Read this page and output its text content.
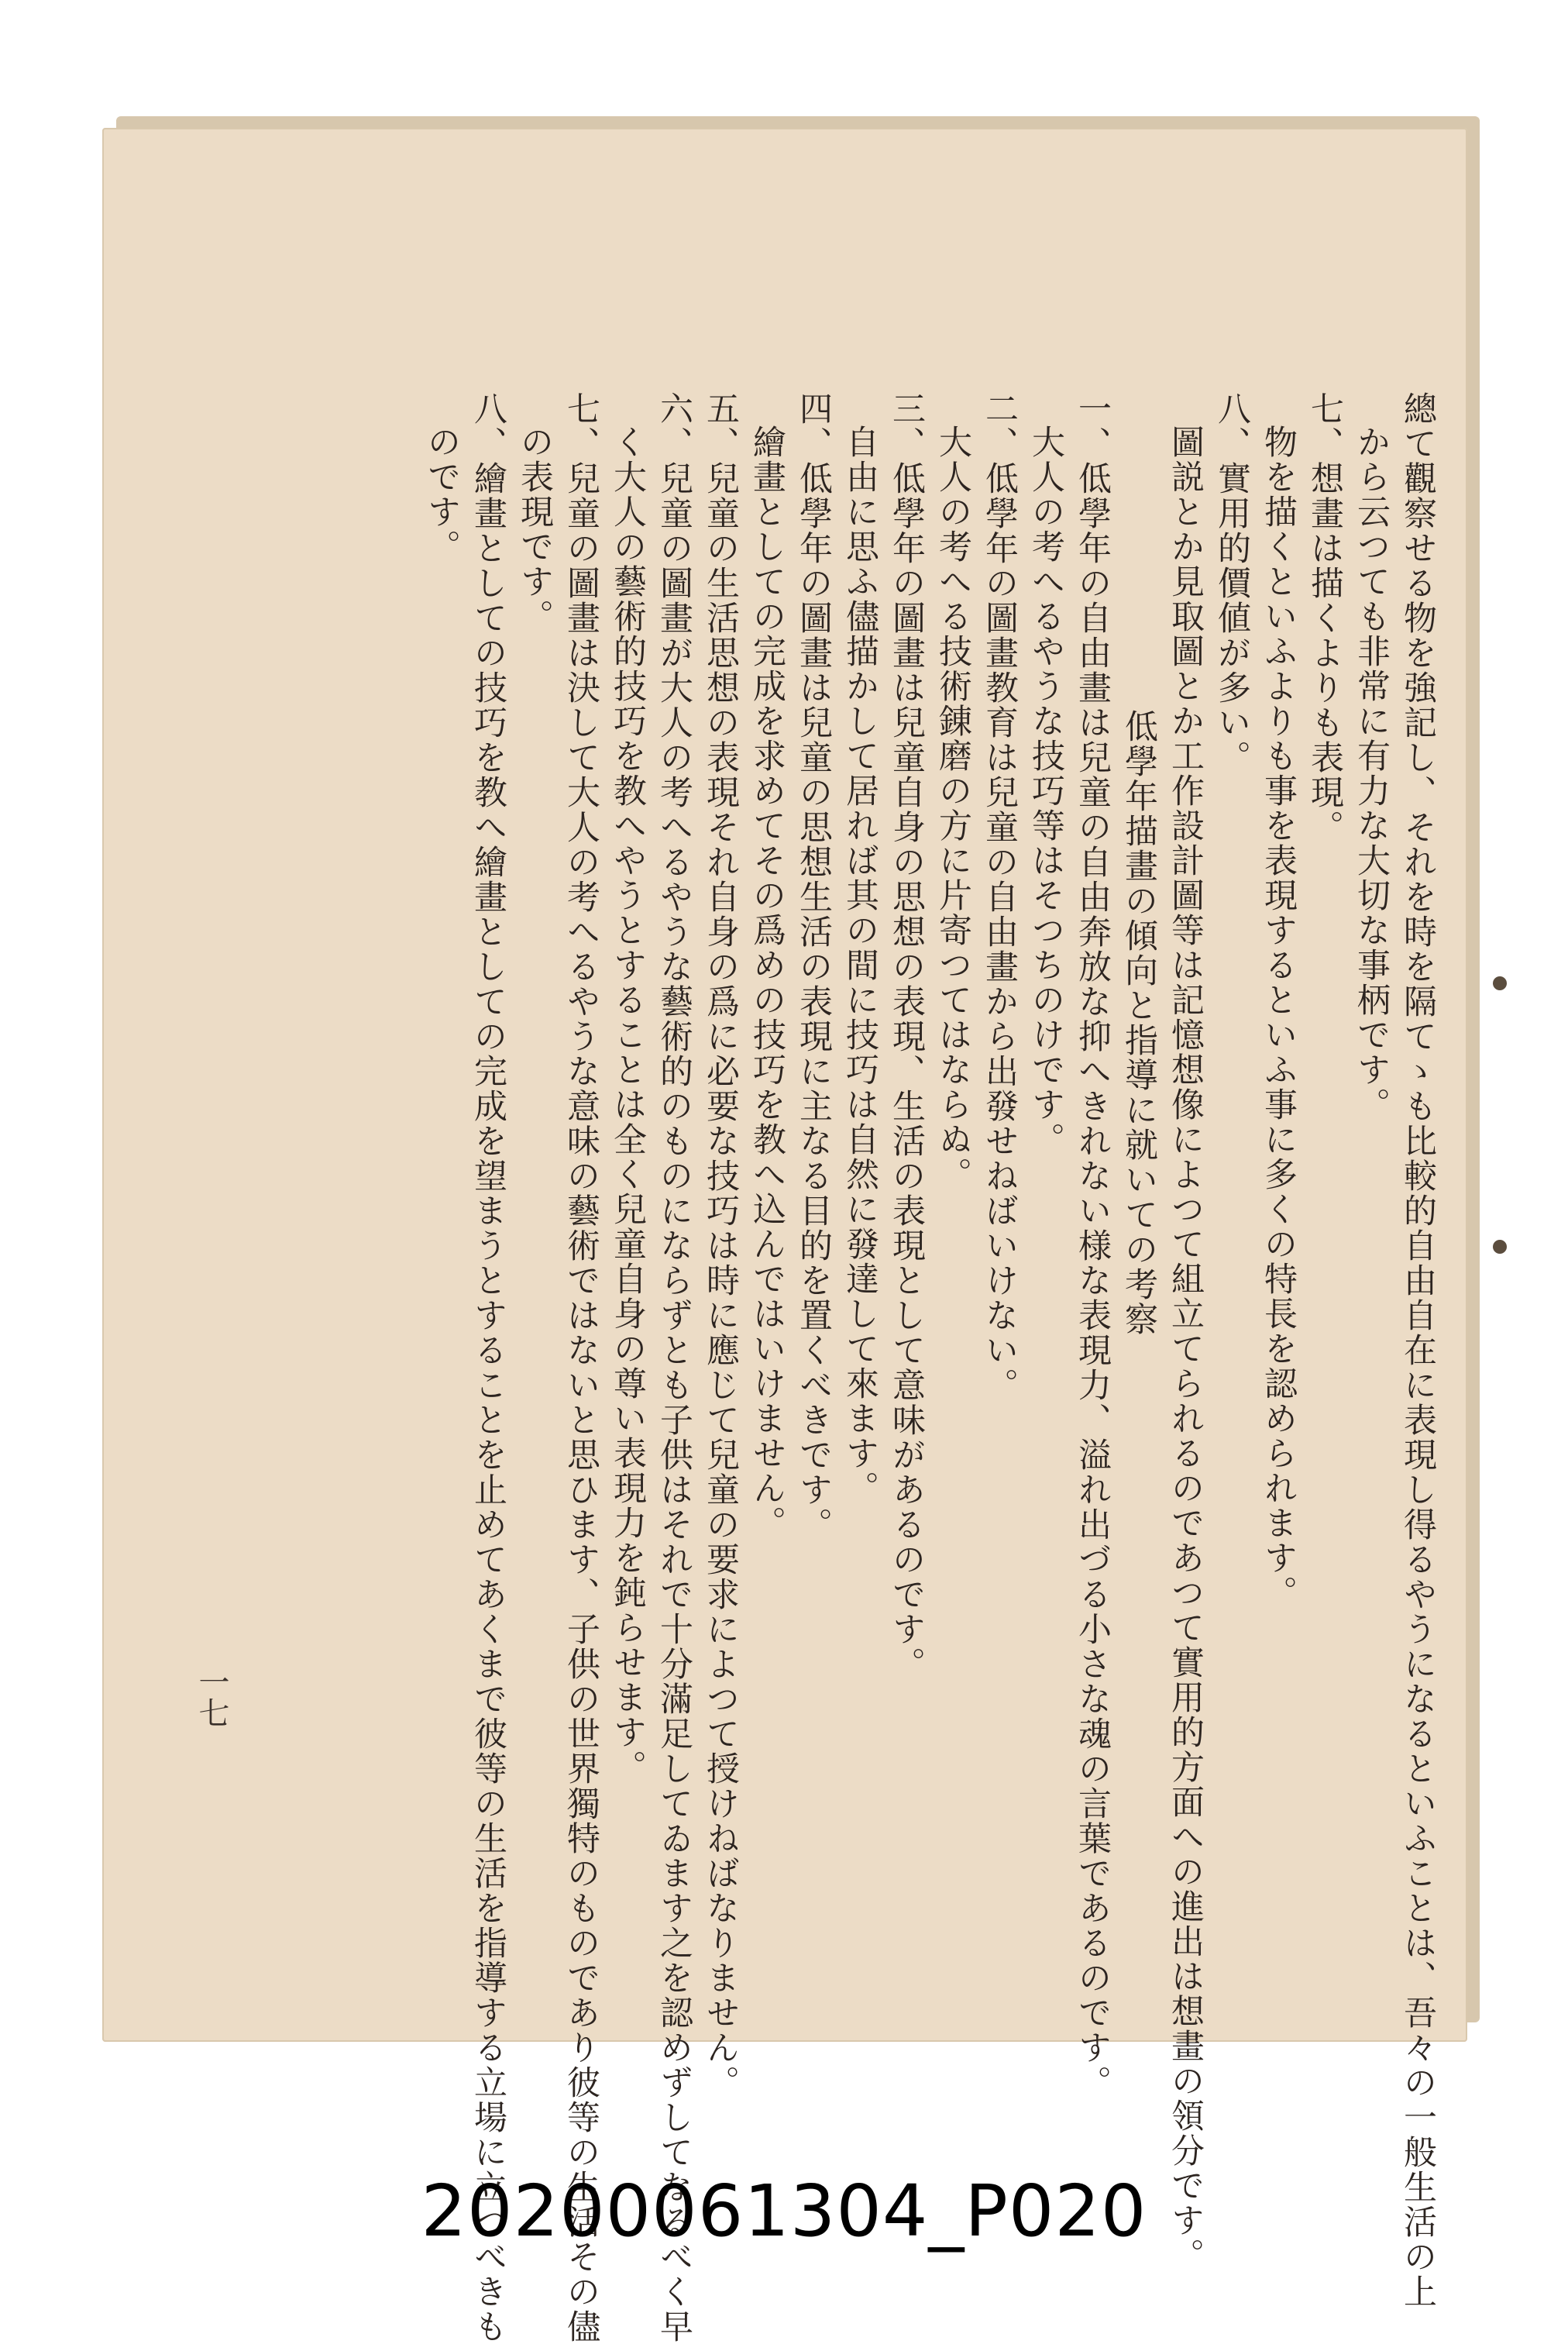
總て觀察せる物を強記し、それを時を隔てゝも比較的自由自在に表現し得るやうになるといふことは、吾々の一般生活の上
から云つても非常に有力な大切な事柄です。
七、想畫は描くよりも表現。
物を描くといふよりも事を表現するといふ事に多くの特長を認められます。
八、實用的價値が多い。
圖説とか見取圖とか工作設計圖等は記憶想像によつて組立てられるのであつて實用的方面への進出は想畫の領分です。
低學年描畫の傾向と指導に就いての考察
一、低學年の自由畫は兒童の自由奔放な抑へきれない様な表現力、溢れ出づる小さな魂の言葉であるのです。
大人の考へるやうな技巧等はそつちのけです。
二、低學年の圖畫教育は兒童の自由畫から出發せねばいけない。
大人の考へる技術錬磨の方に片寄つてはならぬ。
三、低學年の圖畫は兒童自身の思想の表現、生活の表現として意味があるのです。
自由に思ふ儘描かして居れば其の間に技巧は自然に發達して來ます。
四、低學年の圖畫は兒童の思想生活の表現に主なる目的を置くべきです。
繪畫としての完成を求めてその爲めの技巧を教へ込んではいけません。
五、兒童の生活思想の表現それ自身の爲に必要な技巧は時に應じて兒童の要求によつて授けねばなりません。
六、兒童の圖畫が大人の考へるやうな藝術的のものにならずとも子供はそれで十分滿足してゐます之を認めずしてなるべく早
く大人の藝術的技巧を教へやうとすることは全く兒童自身の尊い表現力を鈍らせます。
七、兒童の圖畫は決して大人の考へるやうな意味の藝術ではないと思ひます、子供の世界獨特のものであり彼等の生活その儘
の表現です。
八、繪畫としての技巧を教へ繪畫としての完成を望まうとすることを止めてあくまで彼等の生活を指導する立場に立つべきも
のです。
一七
20200061304_P020
